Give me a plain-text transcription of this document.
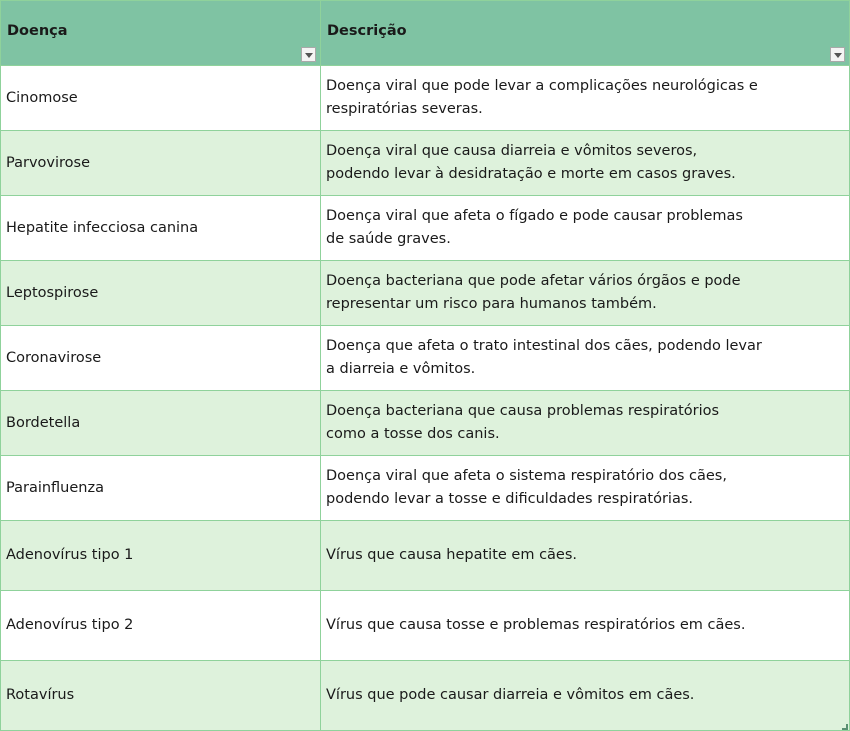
Doença	Descrição

Cinomose	Doença viral que pode levar a complicações neurológicas e
respiratórias severas.
Parvovirose	Doença viral que causa diarreia e vômitos severos,
podendo levar à desidratação e morte em casos graves.
Hepatite infecciosa canina	Doença viral que afeta o fígado e pode causar problemas
de saúde graves.
Leptospirose	Doença bacteriana que pode afetar vários órgãos e pode
representar um risco para humanos também.
Coronavirose	Doença que afeta o trato intestinal dos cães, podendo levar
a diarreia e vômitos.
Bordetella	Doença bacteriana que causa problemas respiratórios
como a tosse dos canis.
Parainfluenza	Doença viral que afeta o sistema respiratório dos cães,
podendo levar a tosse e dificuldades respiratórias.
Adenovírus tipo 1	Vírus que causa hepatite em cães.
Adenovírus tipo 2	Vírus que causa tosse e problemas respiratórios em cães.
Rotavírus	Vírus que pode causar diarreia e vômitos em cães.
